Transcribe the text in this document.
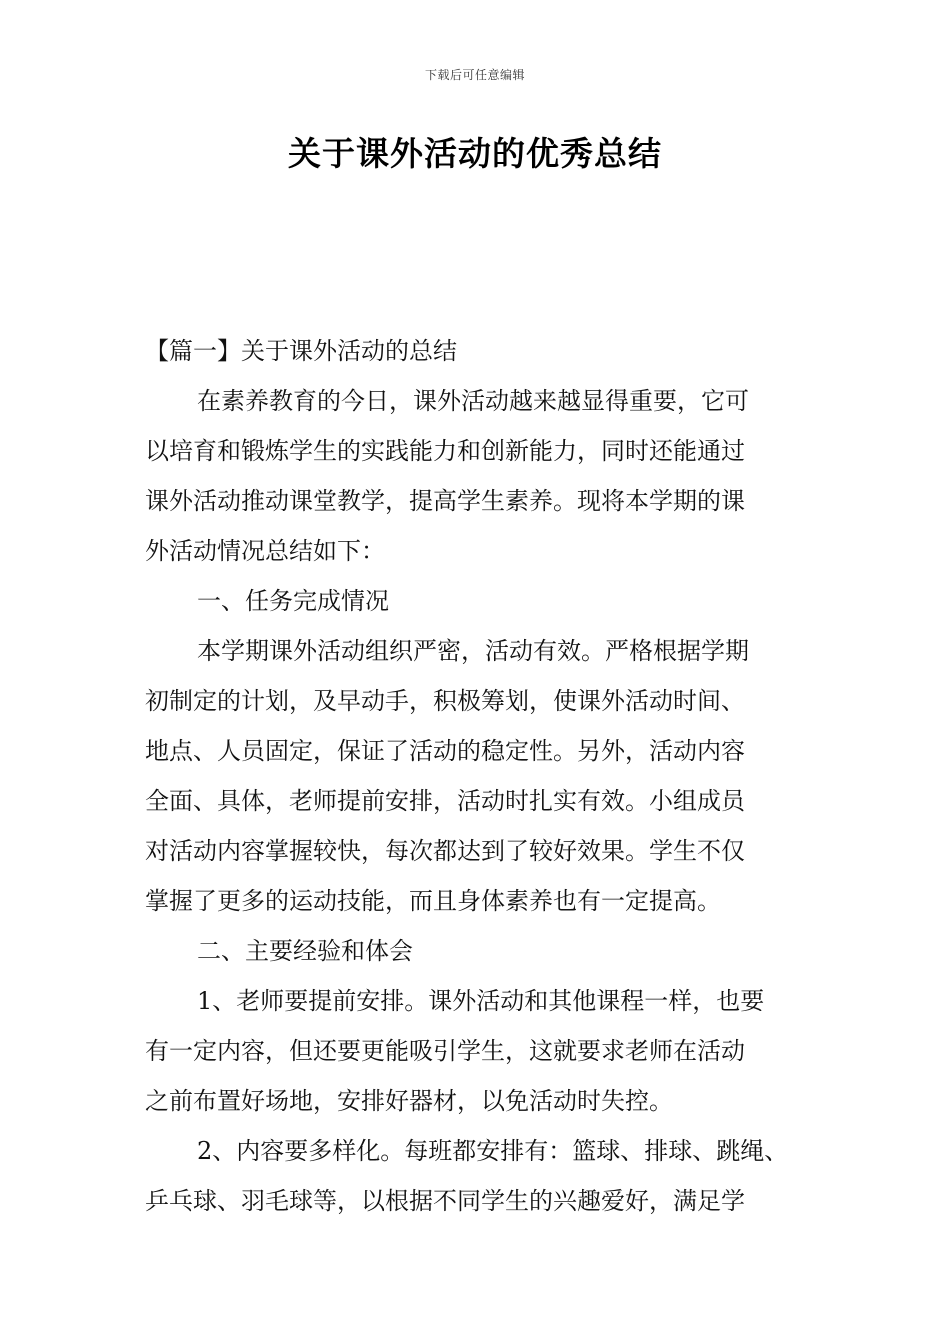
下载后可任意编辑
关于课外活动的优秀总结
【篇一】关于课外活动的总结
在素养教育的今日，课外活动越来越显得重要，它可
以培育和锻炼学生的实践能力和创新能力，同时还能通过
课外活动推动课堂教学，提高学生素养。现将本学期的课
外活动情况总结如下：
一、任务完成情况
本学期课外活动组织严密，活动有效。严格根据学期
初制定的计划，及早动手，积极筹划，使课外活动时间、
地点、人员固定，保证了活动的稳定性。另外，活动内容
全面、具体，老师提前安排，活动时扎实有效。小组成员
对活动内容掌握较快，每次都达到了较好效果。学生不仅
掌握了更多的运动技能，而且身体素养也有一定提高。
二、主要经验和体会
1、老师要提前安排。课外活动和其他课程一样，也要
有一定内容，但还要更能吸引学生，这就要求老师在活动
之前布置好场地，安排好器材，以免活动时失控。
2、内容要多样化。每班都安排有：篮球、排球、跳绳、
乒乓球、羽毛球等，以根据不同学生的兴趣爱好，满足学
